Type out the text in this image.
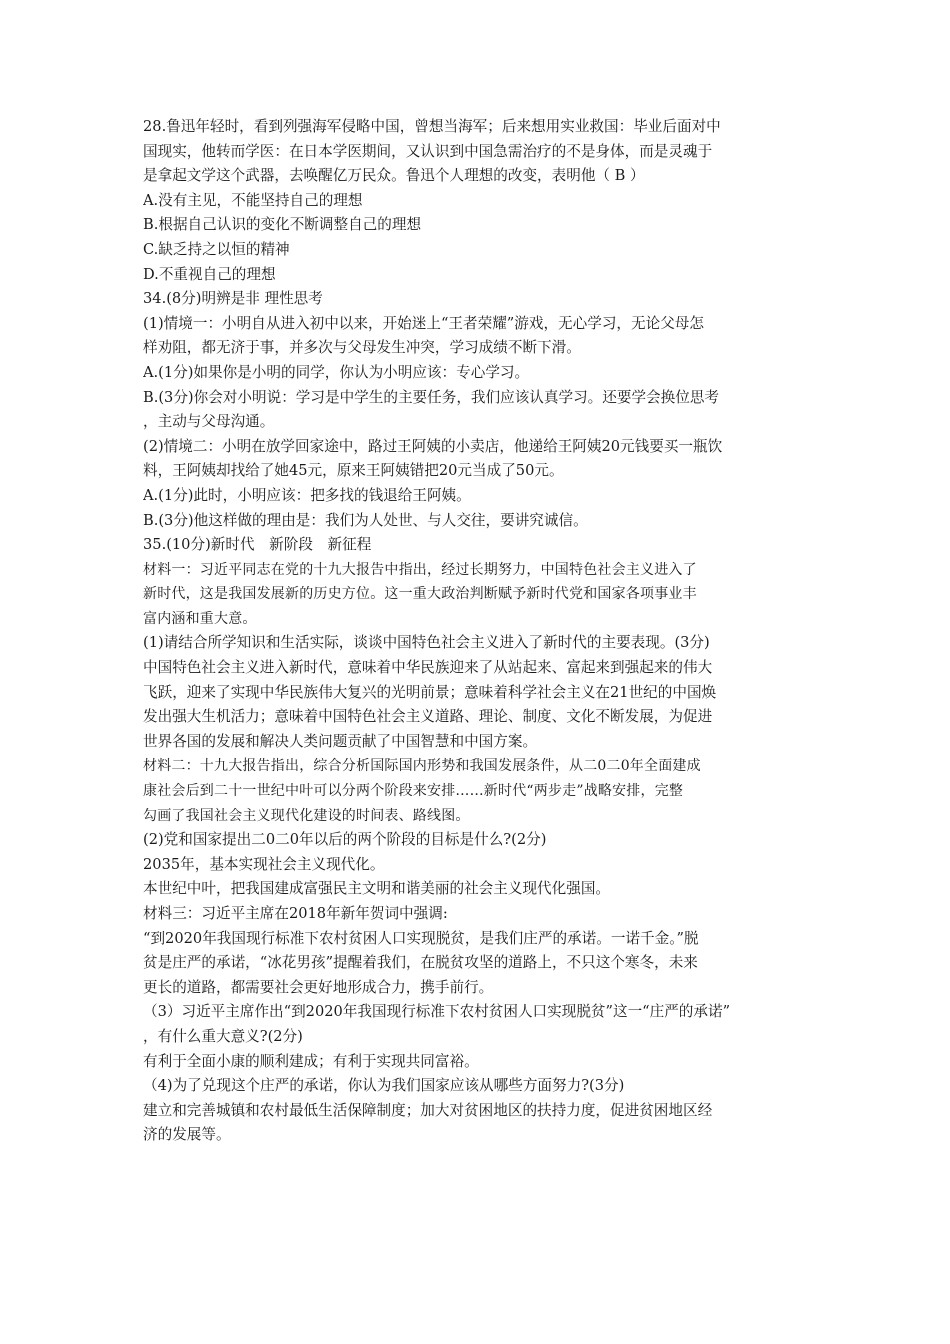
28.鲁迅年轻时，看到列强海军侵略中国，曾想当海军；后来想用实业救国：毕业后面对中
国现实，他转而学医：在日本学医期间，又认识到中国急需治疗的不是身体，而是灵魂于
是拿起文学这个武器，去唤醒亿万民众。鲁迅个人理想的改变，表明他（ B ）
A.没有主见，不能坚持自己的理想
B.根据自己认识的变化不断调整自己的理想
C.缺乏持之以恒的精神
D.不重视自己的理想
34.(8分)明辨是非 理性思考
(1)情境一：小明自从进入初中以来，开始迷上“王者荣耀”游戏，无心学习，无论父母怎
样劝阻，都无济于事，并多次与父母发生冲突，学习成绩不断下滑。
A.(1分)如果你是小明的同学，你认为小明应该：专心学习。
B.(3分)你会对小明说：学习是中学生的主要任务，我们应该认真学习。还要学会换位思考
，主动与父母沟通。
(2)情境二：小明在放学回家途中，路过王阿姨的小卖店，他递给王阿姨20元钱要买一瓶饮
料，王阿姨却找给了她45元，原来王阿姨错把20元当成了50元。
A.(1分)此时，小明应该：把多找的钱退给王阿姨。
B.(3分)他这样做的理由是：我们为人处世、与人交往，要讲究诚信。
35.(10分)新时代　新阶段　新征程
材料一：习近平同志在党的十九大报告中指出，经过长期努力，中国特色社会主义进入了
新时代，这是我国发展新的历史方位。这一重大政治判断赋予新时代党和国家各项事业丰
富内涵和重大意。
(1)请结合所学知识和生活实际，谈谈中国特色社会主义进入了新时代的主要表现。(3分)
中国特色社会主义进入新时代，意味着中华民族迎来了从站起来、富起来到强起来的伟大
飞跃，迎来了实现中华民族伟大复兴的光明前景；意味着科学社会主义在21世纪的中国焕
发出强大生机活力；意味着中国特色社会主义道路、理论、制度、文化不断发展，为促进
世界各国的发展和解决人类问题贡献了中国智慧和中国方案。
材料二：十九大报告指出，综合分析国际国内形势和我国发展条件，从二0二0年全面建成
康社会后到二十一世纪中叶可以分两个阶段来安排……新时代“两步走”战略安排，完整
勾画了我国社会主义现代化建设的时间表、路线图。
(2)党和国家提出二0二0年以后的两个阶段的目标是什么?(2分)
2035年，基本实现社会主义现代化。
本世纪中叶，把我国建成富强民主文明和谐美丽的社会主义现代化强国。
材料三：习近平主席在2018年新年贺词中强调:
“到2020年我国现行标准下农村贫困人口实现脱贫，是我们庄严的承诺。一诺千金。”脱
贫是庄严的承诺，“冰花男孩”提醒着我们，在脱贫攻坚的道路上，不只这个寒冬，未来
更长的道路，都需要社会更好地形成合力，携手前行。
（3）习近平主席作出“到2020年我国现行标准下农村贫困人口实现脱贫”这一“庄严的承诺”
，有什么重大意义?(2分)
有利于全面小康的顺利建成；有利于实现共同富裕。
（4)为了兑现这个庄严的承诺，你认为我们国家应该从哪些方面努力?(3分)
建立和完善城镇和农村最低生活保障制度；加大对贫困地区的扶持力度，促进贫困地区经
济的发展等。
